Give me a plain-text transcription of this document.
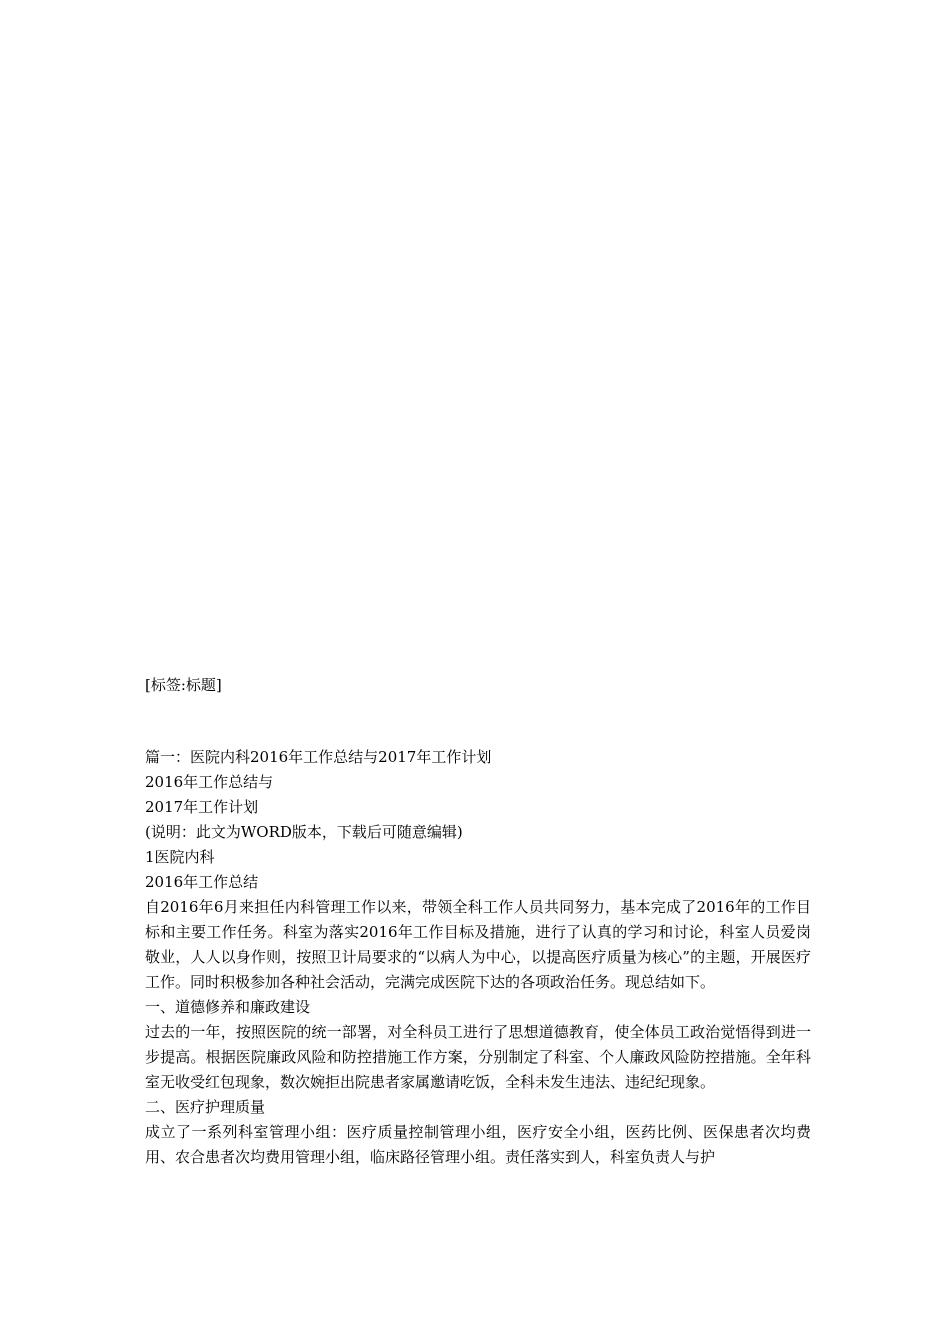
[标签:标题]
篇一：医院内科2016年工作总结与2017年工作计划
2016年工作总结与
2017年工作计划
(说明：此文为WORD版本，下载后可随意编辑)
1医院内科
2016年工作总结
自2016年6月来担任内科管理工作以来，带领全科工作人员共同努力，基本完成了2016年的工作目标和主要工作任务。科室为落实2016年工作目标及措施，进行了认真的学习和讨论，科室人员爱岗敬业，人人以身作则，按照卫计局要求的“以病人为中心，以提高医疗质量为核心”的主题，开展医疗工作。同时积极参加各种社会活动，完满完成医院下达的各项政治任务。现总结如下。
一、道德修养和廉政建设
过去的一年，按照医院的统一部署，对全科员工进行了思想道德教育，使全体员工政治觉悟得到进一步提高。根据医院廉政风险和防控措施工作方案，分别制定了科室、个人廉政风险防控措施。全年科室无收受红包现象，数次婉拒出院患者家属邀请吃饭，全科未发生违法、违纪纪现象。
二、医疗护理质量
成立了一系列科室管理小组：医疗质量控制管理小组，医疗安全小组，医药比例、医保患者次均费用、农合患者次均费用管理小组，临床路径管理小组。责任落实到人，科室负责人与护
